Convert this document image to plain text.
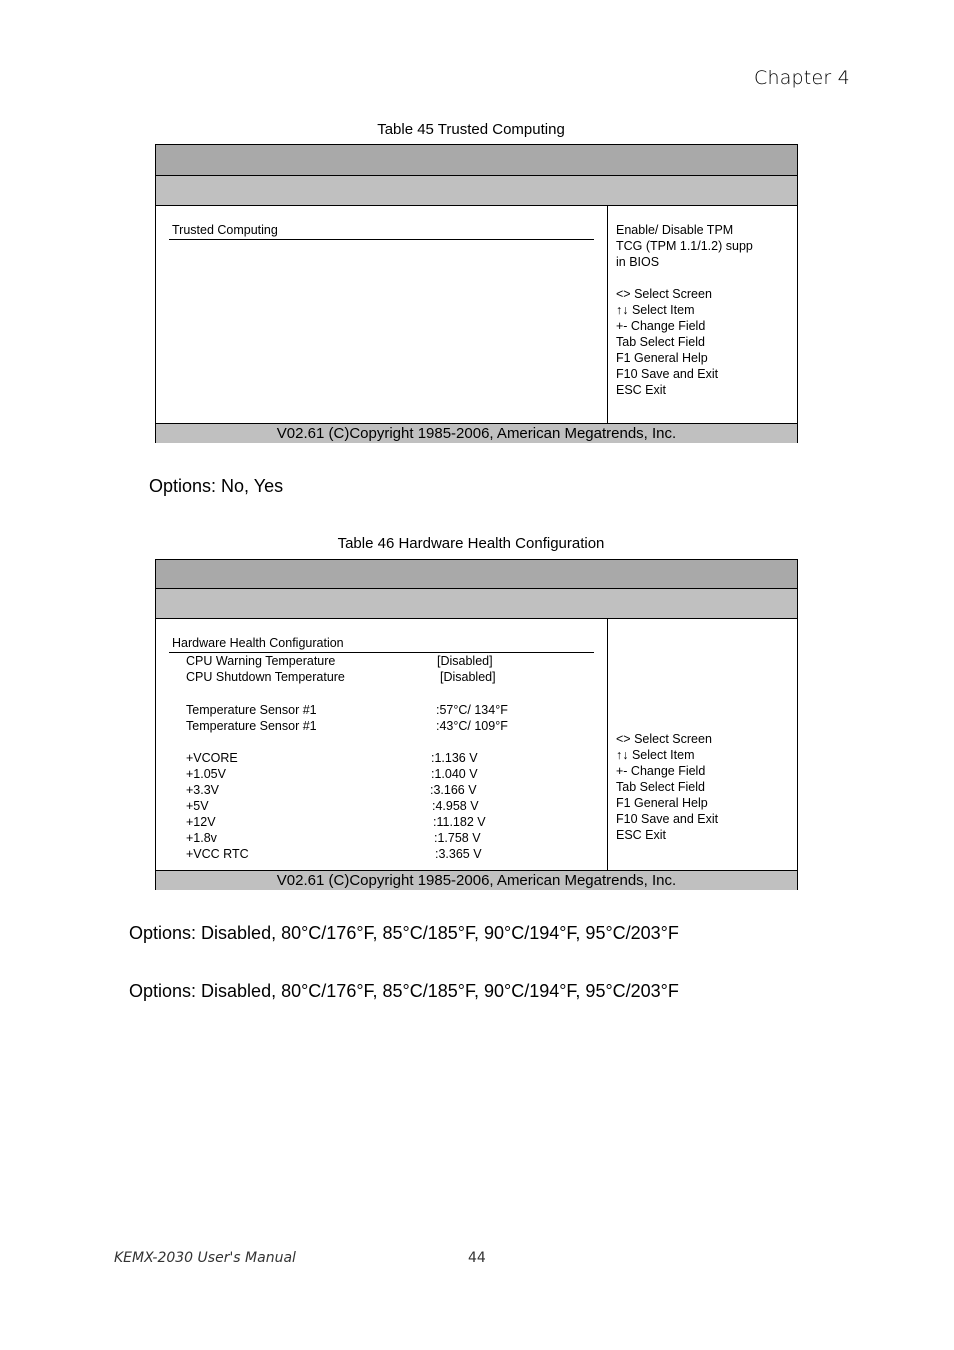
Chapter 4
Table 45 Trusted Computing
Trusted Computing	Enable/ Disable TPM
TCG (TPM 1.1/1.2) supp
in BIOS
<> Select Screen
↑↓ Select Item
+- Change Field
Tab Select Field
F1 General Help
F10 Save and Exit
ESC Exit
V02.61 (C)Copyright 1985-2006, American Megatrends, Inc.
Options: No, Yes
Table 46 Hardware Health Configuration
Hardware Health Configuration
CPU Warning Temperature	[Disabled]
CPU Shutdown Temperature	[Disabled]
Temperature Sensor #1	:57°C/ 134°F
Temperature Sensor #1	:43°C/ 109°F
+VCORE	:1.136 V
+1.05V	:1.040 V
+3.3V	:3.166 V
+5V	:4.958 V
+12V	:11.182 V
+1.8v	:1.758 V
+VCC RTC	:3.365 V
<> Select Screen
↑↓ Select Item
+- Change Field
Tab Select Field
F1 General Help
F10 Save and Exit
ESC Exit
V02.61 (C)Copyright 1985-2006, American Megatrends, Inc.
Options: Disabled, 80°C/176°F, 85°C/185°F, 90°C/194°F, 95°C/203°F
Options: Disabled, 80°C/176°F, 85°C/185°F, 90°C/194°F, 95°C/203°F
KEMX-2030 User's Manual	44
